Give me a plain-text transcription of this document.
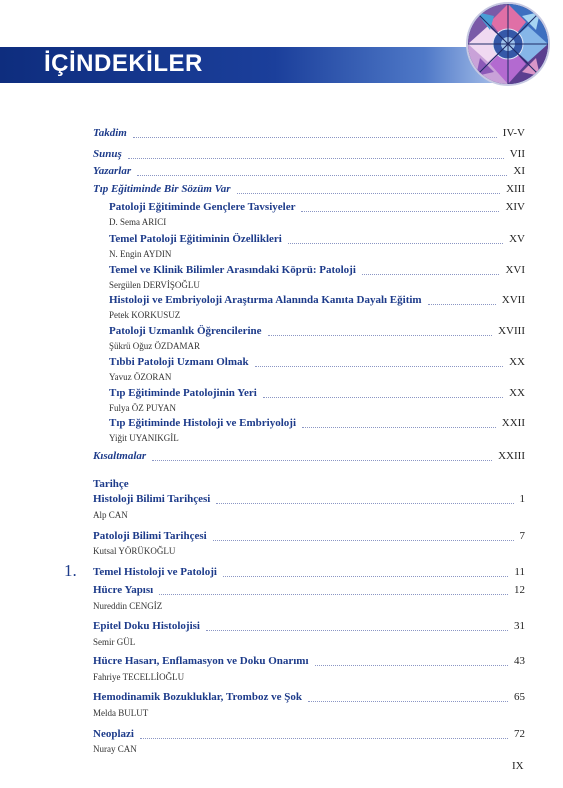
İÇİNDEKİLER
Takdim	IV-V
Sunuş	VII
Yazarlar	XI
Tıp Eğitiminde Bir Sözüm Var	XIII
Patoloji Eğitiminde Gençlere Tavsiyeler	XIV
D. Sema ARICI
Temel Patoloji Eğitiminin Özellikleri	XV
N. Engin AYDIN
Temel ve Klinik Bilimler Arasındaki Köprü: Patoloji	XVI
Sergülen DERVİŞOĞLU
Histoloji ve Embriyoloji Araştırma Alanında Kanıta Dayalı Eğitim	XVII
Petek KORKUSUZ
Patoloji Uzmanlık Öğrencilerine	XVIII
Şükrü Oğuz ÖZDAMAR
Tıbbi Patoloji Uzmanı Olmak	XX
Yavuz ÖZORAN
Tıp Eğitiminde Patolojinin Yeri	XX
Fulya ÖZ PUYAN
Tıp Eğitiminde Histoloji ve Embriyoloji	XXII
Yiğit UYANIKGİL
Kısaltmalar	XXIII
Tarihçe
Histoloji Bilimi Tarihçesi	1
Alp CAN
Patoloji Bilimi Tarihçesi	7
Kutsal YÖRÜKOĞLU
1. Temel Histoloji ve Patoloji	11
Hücre Yapısı	12
Nureddin CENGİZ
Epitel Doku Histolojisi	31
Semir GÜL
Hücre Hasarı, Enflamasyon ve Doku Onarımı	43
Fahriye TECELLİOĞLU
Hemodinamik Bozukluklar, Tromboz ve Şok	65
Melda BULUT
Neoplazi	72
Nuray CAN
IX
